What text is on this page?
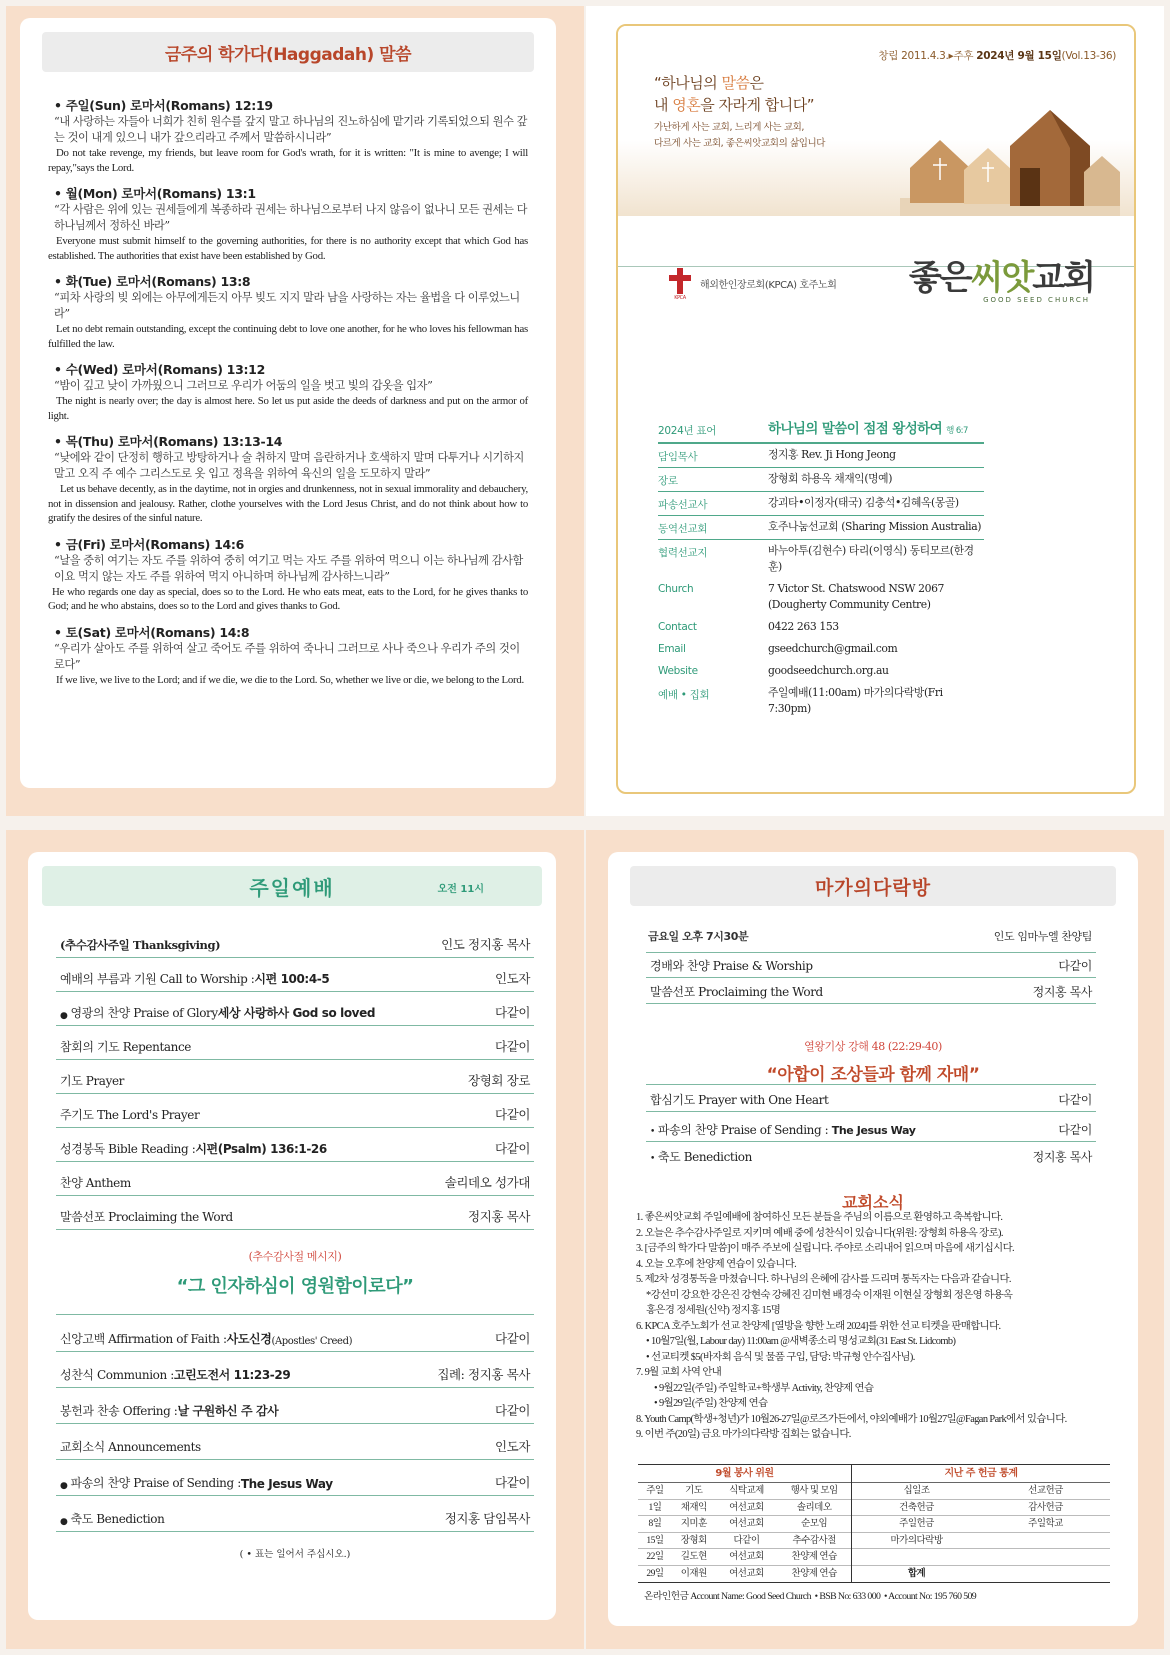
금주의 학가다(Haggadah) 말씀
• 주일(Sun) 로마서(Romans) 12:19
“내 사랑하는 자들아 너희가 친히 원수를 갚지 말고 하나님의 진노하심에 맡기라 기록되었으되 원수 갚는 것이 내게 있으니 내가 갚으리라고 주께서 말씀하시니라”
Do not take revenge, my friends, but leave room for God's wrath, for it is written: "It is mine to avenge; I will repay,"says the Lord.
• 월(Mon) 로마서(Romans) 13:1
“각 사람은 위에 있는 권세들에게 복종하라 권세는 하나님으로부터 나지 않음이 없나니 모든 권세는 다 하나님께서 정하신 바라”
Everyone must submit himself to the governing authorities, for there is no authority except that which God has established. The authorities that exist have been established by God.
• 화(Tue) 로마서(Romans) 13:8
“피차 사랑의 빚 외에는 아무에게든지 아무 빚도 지지 말라 남을 사랑하는 자는 율법을 다 이루었느니라”
Let no debt remain outstanding, except the continuing debt to love one another, for he who loves his fellowman has fulfilled the law.
• 수(Wed) 로마서(Romans) 13:12
“밤이 깊고 낮이 가까웠으니 그러므로 우리가 어둠의 일을 벗고 빛의 갑옷을 입자”
The night is nearly over; the day is almost here. So let us put aside the deeds of darkness and put on the armor of light.
• 목(Thu) 로마서(Romans) 13:13-14
“낮에와 같이 단정히 행하고 방탕하거나 술 취하지 말며 음란하거나 호색하지 말며 다투거나 시기하지 말고 오직 주 예수 그리스도로 옷 입고 정욕을 위하여 육신의 일을 도모하지 말라”
Let us behave decently, as in the daytime, not in orgies and drunkenness, not in sexual immorality and debauchery, not in dissension and jealousy. Rather, clothe yourselves with the Lord Jesus Christ, and do not think about how to gratify the desires of the sinful nature.
• 금(Fri) 로마서(Romans) 14:6
“날을 중히 여기는 자도 주를 위하여 중히 여기고 먹는 자도 주를 위하여 먹으니 이는 하나님께 감사함이요 먹지 않는 자도 주를 위하여 먹지 아니하며 하나님께 감사하느니라”
He who regards one day as special, does so to the Lord. He who eats meat, eats to the Lord, for he gives thanks to God; and he who abstains, does so to the Lord and gives thanks to God.
• 토(Sat) 로마서(Romans) 14:8
“우리가 살아도 주를 위하여 살고 죽어도 주를 위하여 죽나니 그러므로 사나 죽으나 우리가 주의 것이로다”
If we live, we live to the Lord; and if we die, we die to the Lord. So, whether we live or die, we belong to the Lord.
창립 2011.4.3.▸주후 2024년 9월 15일(Vol.13-36)
“하나님의 말씀은
내 영혼을 자라게 합니다”
가난하게 사는 교회, 느리게 사는 교회,
다르게 사는 교회, 좋은씨앗교회의 삶입니다
KPCA
해외한인장로회(KPCA) 호주노회 좋은씨앗교회
GOOD SEED CHURCH
2024년 표어	하나님의 말씀이 점점 왕성하여 행 6:7
담임목사	정지홍 Rev. Ji Hong Jeong
장로	장형회 하용옥 채재익(명예)
파송선교사	강괴타•이정자(태국) 김충석•김혜옥(몽골)
동역선교회	호주나눔선교회 (Sharing Mission Australia)
협력선교지	바누아투(김현수) 타리(이영식) 동티모르(한경훈)
Church	7 Victor St. Chatswood NSW 2067
(Dougherty Community Centre)
Contact	0422 263 153
Email	gseedchurch@gmail.com
Website	goodseedchurch.org.au
예배 • 집회	주일예배(11:00am) 마가의다락방(Fri 7:30pm)
주일예배	오전 11시
(추수감사주일 Thanksgiving)	인도 정지홍 목사
예배의 부름과 기원 Call to Worship : 시편 100:4-5	인도자
● 영광의 찬양 Praise of Glory 세상 사랑하사 God so loved	다같이
참회의 기도 Repentance	다같이
기도 Prayer	장형회 장로
주기도 The Lord's Prayer	다같이
성경봉독 Bible Reading : 시편(Psalm) 136:1-26	다같이
찬양 Anthem	솔리데오 성가대
말씀선포 Proclaiming the Word	정지홍 목사
(추수감사절 메시지)
“그 인자하심이 영원함이로다”
신앙고백 Affirmation of Faith : 사도신경 (Apostles' Creed)	다같이
성찬식 Communion : 고린도전서 11:23-29	집례: 정지홍 목사
봉헌과 찬송 Offering : 날 구원하신 주 감사	다같이
교회소식 Announcements	인도자
● 파송의 찬양 Praise of Sending : The Jesus Way	다같이
● 축도 Benediction	정지홍 담임목사
( • 표는 일어서 주십시오.)
마가의다락방
금요일 오후 7시30분	인도 임마누엘 찬양팀
경배와 찬양 Praise & Worship	다같이
말씀선포 Proclaiming the Word	정지홍 목사
열왕기상 강해 48 (22:29-40)
“아합이 조상들과 함께 자매”
합심기도 Prayer with One Heart	다같이
• 파송의 찬양 Praise of Sending : The Jesus Way	다같이
• 축도 Benediction	정지홍 목사
교회소식
1. 좋은씨앗교회 주일예배에 참여하신 모든 분들을 주님의 이름으로 환영하고 축복합니다.
2. 오늘은 추수감사주일로 지키며 예배 중에 성찬식이 있습니다(위원: 장형회 하용옥 장로).
3. [금주의 학가다 말씀]이 매주 주보에 실립니다. 주야로 소리내어 읽으며 마음에 새기십시다.
4. 오늘 오후에 찬양제 연습이 있습니다.
5. 제2차 성경통독을 마쳤습니다. 하나님의 은혜에 감사를 드리며 통독자는 다음과 같습니다.
*강선미 강요한 강은진 강현숙 강혜진 김미현 배경숙 이재원 이현실 장형회 정은영 하용옥
홍은경 정세원(신약) 정지홍 15명
6. KPCA 호주노회가 선교 찬양제 [열방을 향한 노래 2024]를 위한 선교 티켓을 판매합니다.
• 10월7일(월, Labour day) 11:00am @새벽종소리 명성교회(31 East St. Lidcomb)
• 선교티켓 $5(바자회 음식 및 물품 구입, 담당: 박규형 안수집사님).
7. 9월 교회 사역 안내
• 9월22일(주일) 주일학교+학생부 Activity, 찬양제 연습
• 9월29일(주일) 찬양제 연습
8. Youth Camp(학생+청년)가 10월26-27일@로즈가든에서, 야외예배가 10월27일@Fagan Park에서 있습니다.
9. 이번 주(20일) 금요 마가의다락방 집회는 없습니다.
9월 봉사 위원
주일	기도	식탁교제	행사 및 모임
1일	채재익	여선교회	솔리데오
8일	지미훈	여선교회	순모임
15일	장형회	다같이	추수감사절
22일	길도현	여선교회	찬양제 연습
29일	이재원	여선교회	찬양제 연습
지난 주 헌금 통계
십일조	선교헌금
건축헌금	감사헌금
주일헌금	주일학교
마가의다락방
합계
온라인헌금 Account Name: Good Seed Church • BSB No: 633 000 • Account No: 195 760 509
